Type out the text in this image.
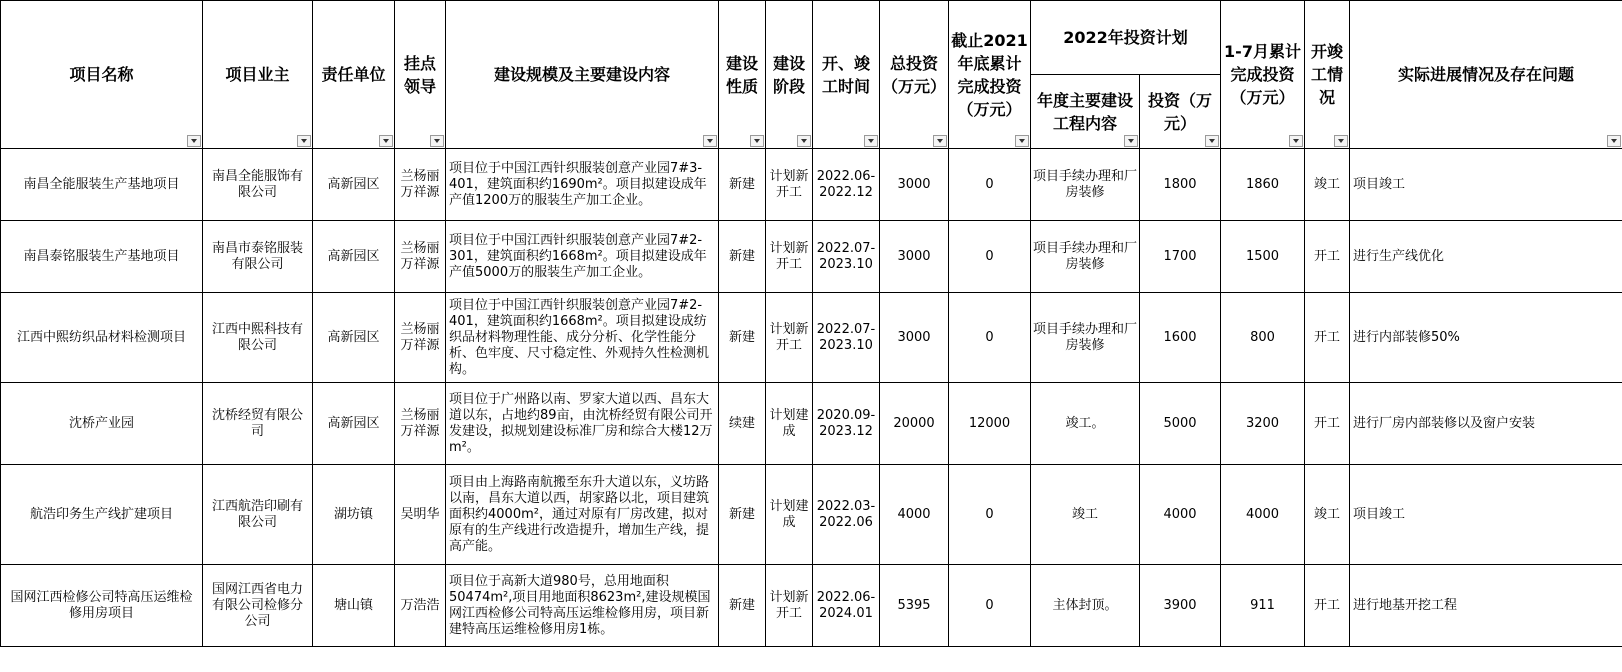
项目名称	项目业主	责任单位	挂点领导	建设规模及主要建设内容	建设性质	建设阶段	开、竣工时间	总投资（万元）	截止2021年底累计完成投资（万元）	2022年投资计划		1-7月累计完成投资（万元）	开竣工情况	实际进展情况及存在问题

										年度主要建设工程内容	投资（万元）			

南昌全能服装生产基地项目	南昌全能服饰有限公司	高新园区	兰杨丽万祥源	项目位于中国江西针织服装创意产业园7#3-401，建筑面积约1690m²。项目拟建设成年产值1200万的服装生产加工企业。	新建	计划新开工	2022.06-2022.12	3000	0	项目手续办理和厂房装修	1800	1860	竣工	项目竣工
南昌泰铭服装生产基地项目	南昌市泰铭服装有限公司	高新园区	兰杨丽万祥源	项目位于中国江西针织服装创意产业园7#2-301，建筑面积约1668m²。项目拟建设成年产值5000万的服装生产加工企业。	新建	计划新开工	2022.07-2023.10	3000	0	项目手续办理和厂房装修	1700	1500	开工	进行生产线优化
江西中熙纺织品材料检测项目	江西中熙科技有限公司	高新园区	兰杨丽万祥源	项目位于中国江西针织服装创意产业园7#2-401，建筑面积约1668m²。项目拟建设成纺织品材料物理性能、成分分析、化学性能分析、色牢度、尺寸稳定性、外观持久性检测机构。	新建	计划新开工	2022.07-2023.10	3000	0	项目手续办理和厂房装修	1600	800	开工	进行内部装修50%
沈桥产业园	沈桥经贸有限公司	高新园区	兰杨丽万祥源	项目位于广州路以南、罗家大道以西、昌东大道以东，占地约89亩，由沈桥经贸有限公司开发建设，拟规划建设标准厂房和综合大楼12万m²。	续建	计划建成	2020.09-2023.12	20000	12000	竣工。	5000	3200	开工	进行厂房内部装修以及窗户安装
航浩印务生产线扩建项目	江西航浩印刷有限公司	湖坊镇	吴明华	项目由上海路南航搬至东升大道以东，义坊路以南，昌东大道以西，胡家路以北，项目建筑面积约4000m²，通过对原有厂房改建，拟对原有的生产线进行改造提升，增加生产线，提高产能。	新建	计划建成	2022.03-2022.06	4000	0	竣工	4000	4000	竣工	项目竣工
国网江西检修公司特高压运维检修用房项目	国网江西省电力有限公司检修分公司	塘山镇	万浩浩	项目位于高新大道980号，总用地面积50474m²,项目用地面积8623m²,建设规模国网江西检修公司特高压运维检修用房，项目新建特高压运维检修用房1栋。	新建	计划新开工	2022.06-2024.01	5395	0	主体封顶。	3900	911	开工	进行地基开挖工程
